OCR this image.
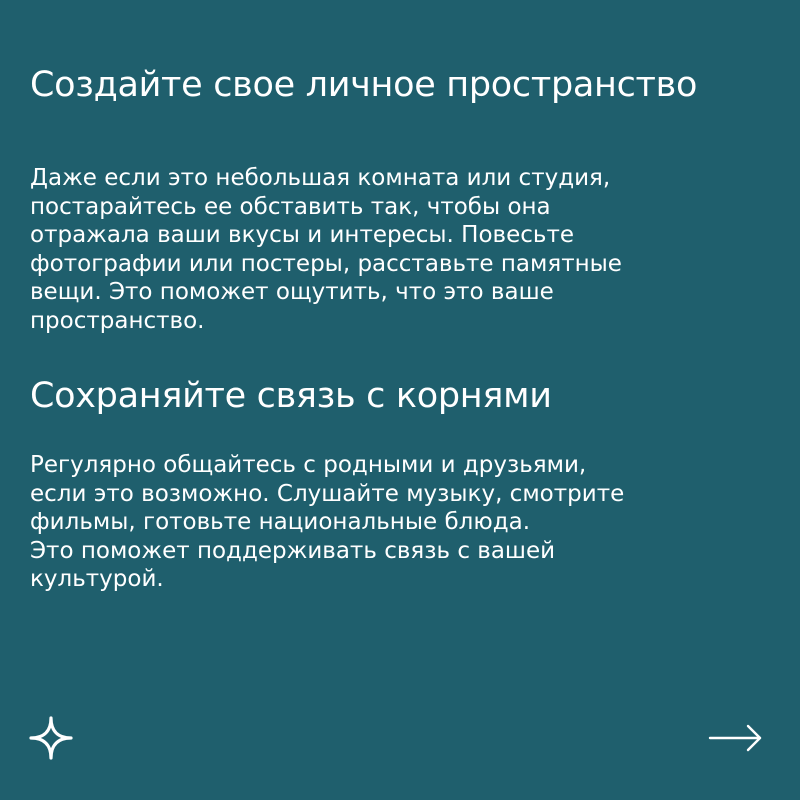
Создайте свое личное пространство

Даже если это небольшая комната или студия,
постарайтесь ее обставить так, чтобы она
отражала ваши вкусы и интересы. Повесьте
фотографии или постеры, расставьте памятные
вещи. Это поможет ощутить, что это ваше
пространство.

Сохраняйте связь с корнями

Регулярно общайтесь с родными и друзьями,
если это возможно. Слушайте музыку, смотрите
фильмы, готовьте национальные блюда.
Это поможет поддерживать связь с вашей
культурой.
